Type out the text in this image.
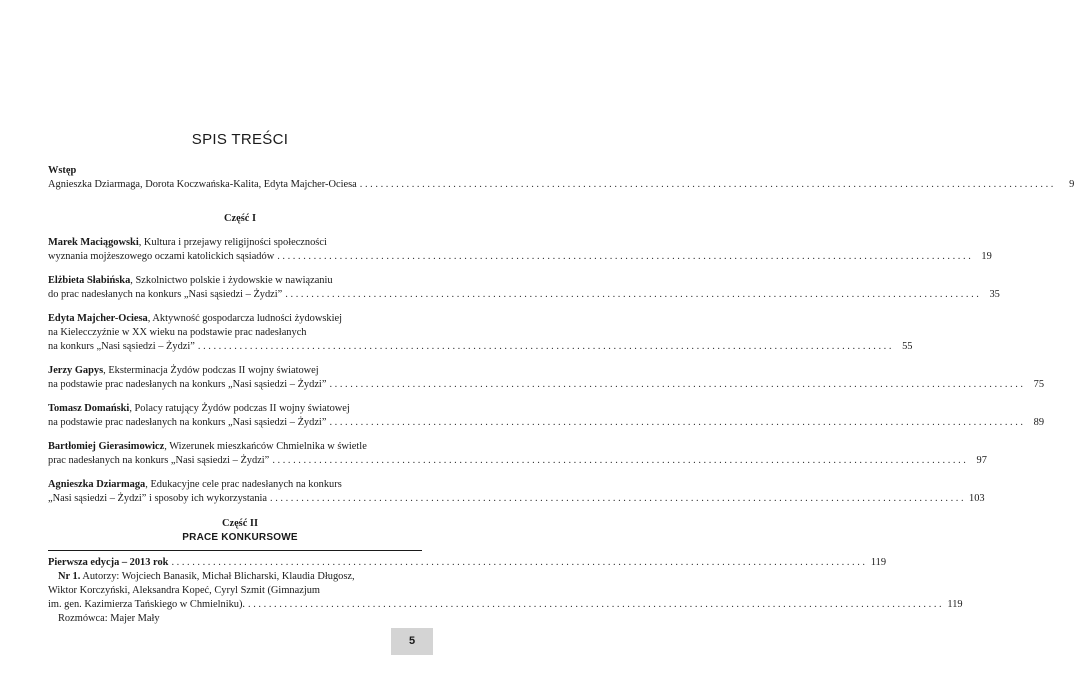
SPIS TREŚCI
Wstęp
Agnieszka Dziarmaga, Dorota Koczwańska-Kalita, Edyta Majcher-Ociesa . . .	9
Część I
Marek Maciągowski, Kultura i przejawy religijności społeczności
wyznania mojżeszowego oczami katolickich sąsiadów . . .	19
Elżbieta Słabińska, Szkolnictwo polskie i żydowskie w nawiązaniu
do prac nadesłanych na konkurs „Nasi sąsiedzi – Żydzi” . . .	35
Edyta Majcher-Ociesa, Aktywność gospodarcza ludności żydowskiej
na Kielecczyźnie w XX wieku na podstawie prac nadesłanych
na konkurs „Nasi sąsiedzi – Żydzi” . . .	55
Jerzy Gapys, Eksterminacja Żydów podczas II wojny światowej
na podstawie prac nadesłanych na konkurs „Nasi sąsiedzi – Żydzi” . . .	75
Tomasz Domański, Polacy ratujący Żydów podczas II wojny światowej
na podstawie prac nadesłanych na konkurs „Nasi sąsiedzi – Żydzi” . . .	89
Bartłomiej Gierasimowicz, Wizerunek mieszkańców Chmielnika w świetle
prac nadesłanych na konkurs „Nasi sąsiedzi – Żydzi” . . .	97
Agnieszka Dziarmaga, Edukacyjne cele prac nadesłanych na konkurs
„Nasi sąsiedzi – Żydzi” i sposoby ich wykorzystania . . .	103
Część II
PRACE KONKURSOWE
Pierwsza edycja – 2013 rok . . .	119
Nr 1. Autorzy: Wojciech Banasik, Michał Blicharski, Klaudia Długosz,
Wiktor Korczyński, Aleksandra Kopeć, Cyryl Szmit (Gimnazjum
im. gen. Kazimierza Tańskiego w Chmielniku). . . .	119
Rozmówca: Majer Mały
5
